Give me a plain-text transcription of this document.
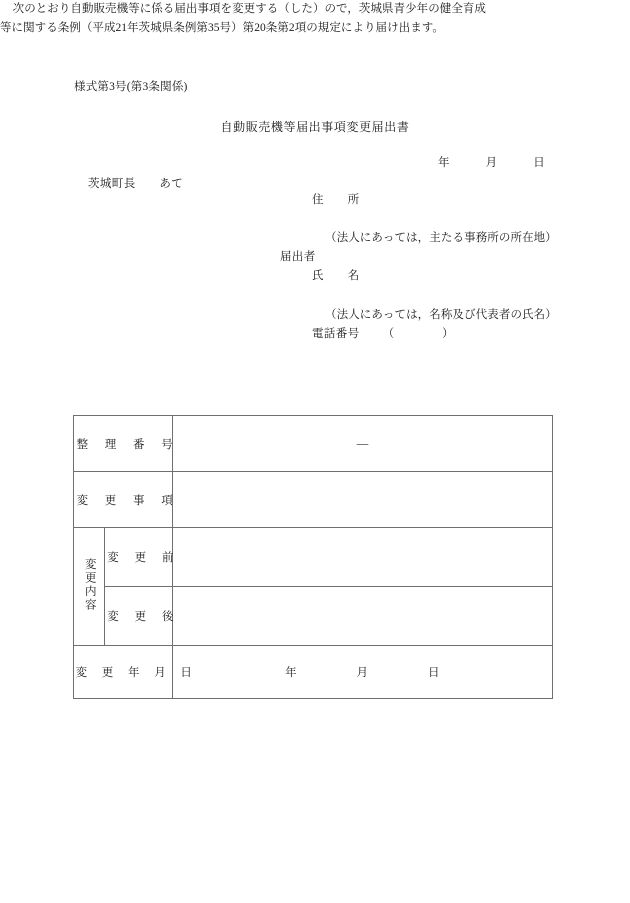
様式第3号(第3条関係)
自動販売機等届出事項変更届出書
年　　　月　　　日
茨城町長　　あて
住　　所
（法人にあっては，主たる事務所の所在地）
届出者
氏　　名
（法人にあっては，名称及び代表者の氏名）
電話番号   （　　　　）
次のとおり自動販売機等に係る届出事項を変更する（した）ので，茨城県青少年の健全育成等に関する条例（平成21年茨城県条例第35号）第20条第2項の規定により届け出ます。
整　理　番　号		—
変　更　事　項		
変更内容	変　更　前	
	変　更　後	
変　更　年　月　日		年　　　　　月　　　　　日
